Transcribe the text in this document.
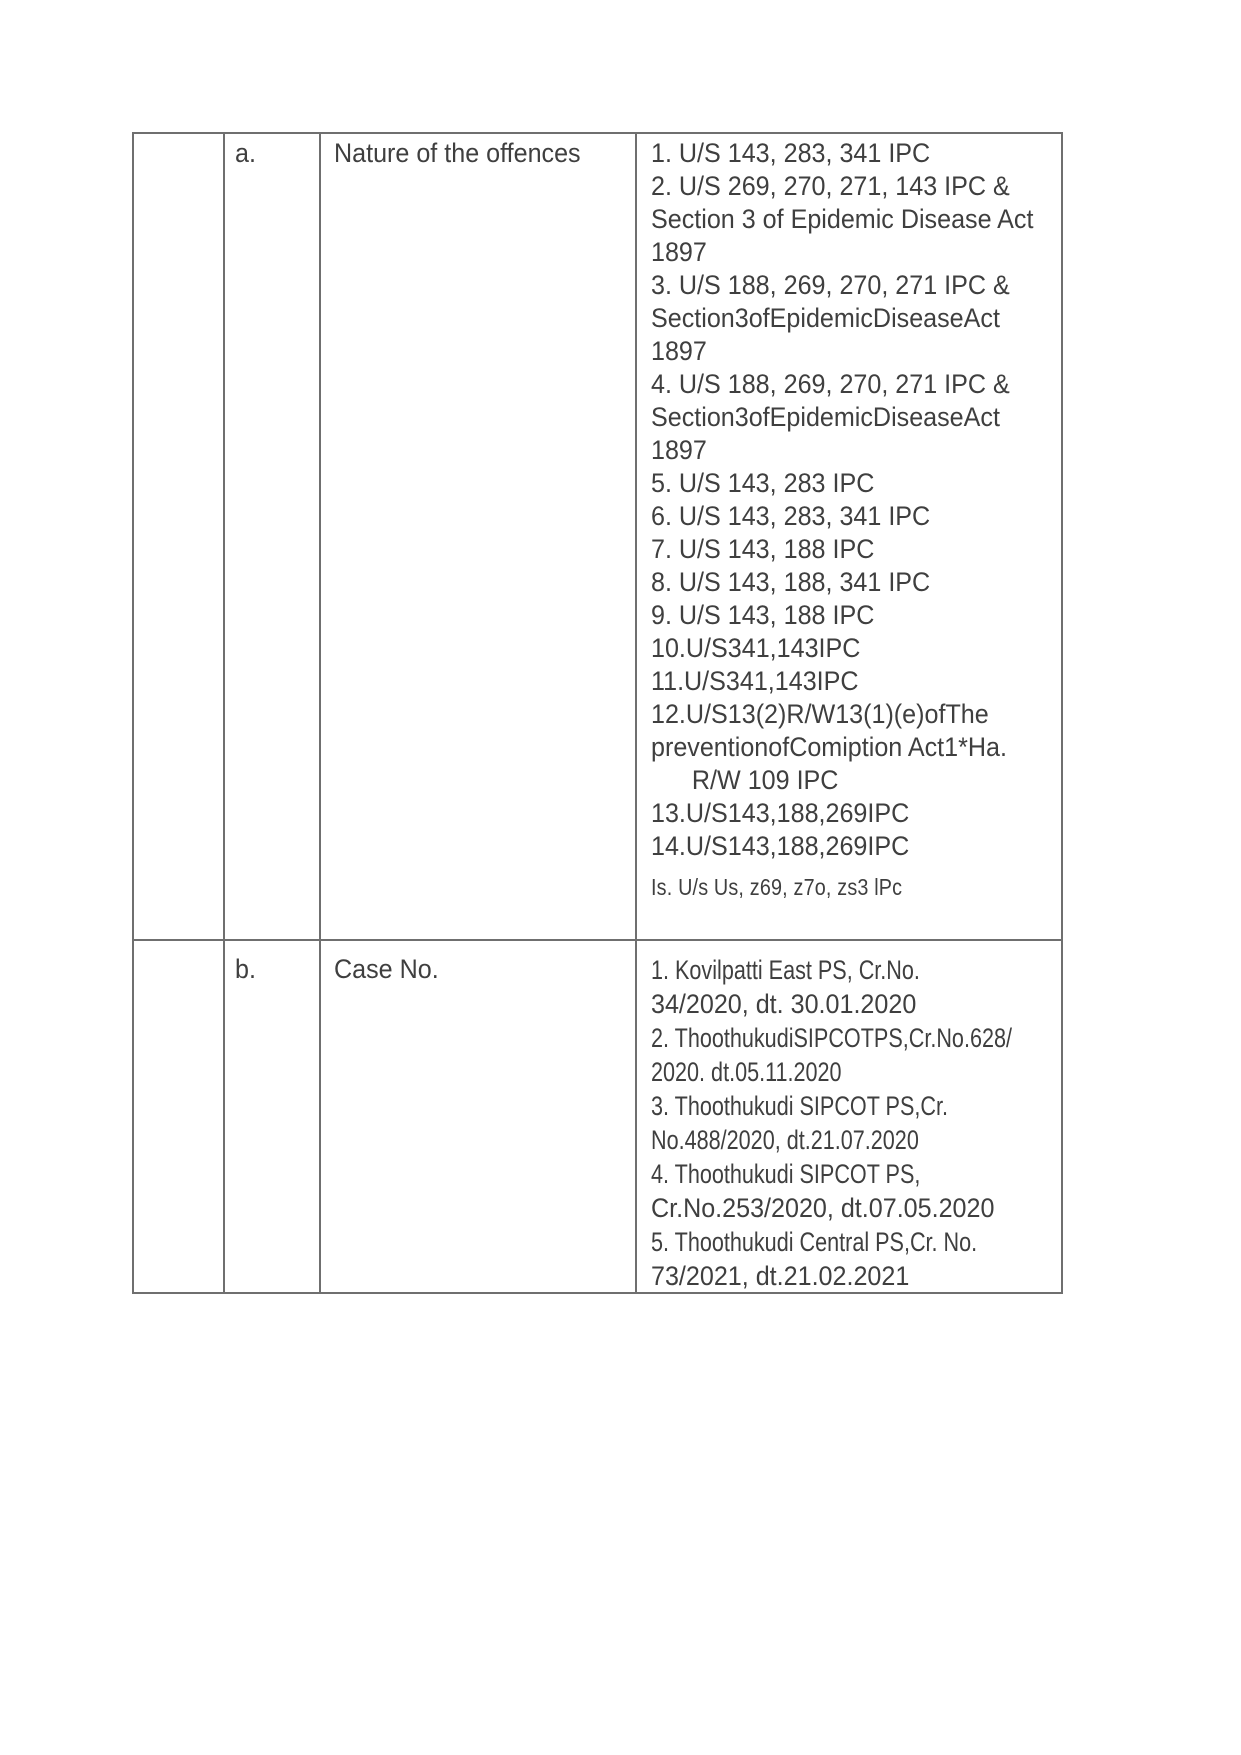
a.	Nature of the offences	1. U/S 143, 283, 341 IPC
2. U/S 269, 270, 271, 143 IPC &
Section 3 of Epidemic Disease Act
1897
3. U/S 188, 269, 270, 271 IPC &
Section3ofEpidemicDiseaseAct
1897
4. U/S 188, 269, 270, 271 IPC &
Section3ofEpidemicDiseaseAct
1897
5. U/S 143, 283 IPC
6. U/S 143, 283, 341 IPC
7. U/S 143, 188 IPC
8. U/S 143, 188, 341 IPC
9. U/S 143, 188 IPC
10.U/S341,143IPC
11.U/S341,143IPC
12.U/S13(2)R/W13(1)(e)ofThe
preventionofComiption Act1*Ha.
R/W 109 IPC
13.U/S143,188,269IPC
14.U/S143,188,269IPC
Is. U/s Us, z69, z7o, zs3 lPc
b.	Case No.	1. Kovilpatti East PS, Cr.No.
34/2020, dt. 30.01.2020
2. ThoothukudiSIPCOTPS,Cr.No.628/
2020. dt.05.11.2020
3. Thoothukudi SIPCOT PS,Cr.
No.488/2020, dt.21.07.2020
4. Thoothukudi SIPCOT PS,
Cr.No.253/2020, dt.07.05.2020
5. Thoothukudi Central PS,Cr. No.
73/2021, dt.21.02.2021
